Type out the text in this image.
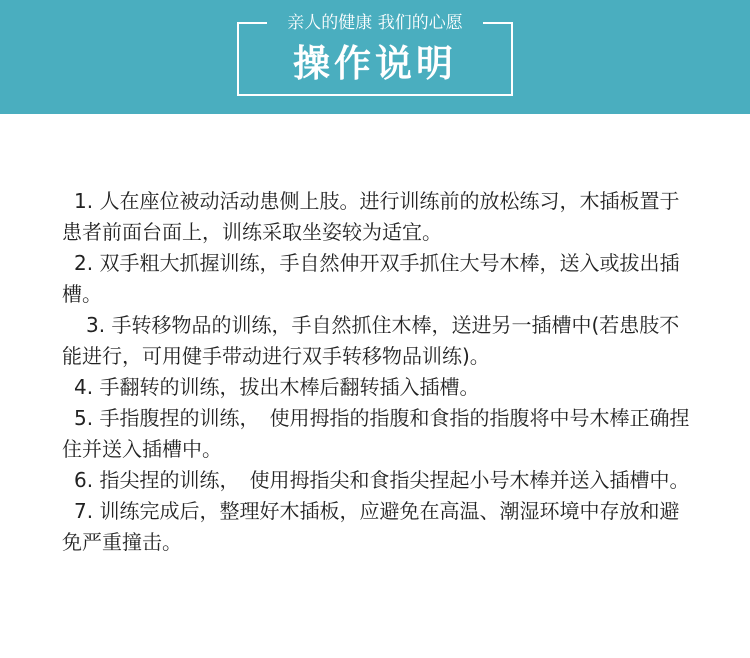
亲人的健康 我们的心愿
操作说明
1. 人在座位被动活动患侧上肢。进行训练前的放松练习，木插板置于患者前面台面上，训练采取坐姿较为适宜。
2. 双手粗大抓握训练，手自然伸开双手抓住大号木棒，送入或拔出插槽。
3. 手转移物品的训练，手自然抓住木棒，送进另一插槽中(若患肢不能进行，可用健手带动进行双手转移物品训练)。
4. 手翻转的训练，拔出木棒后翻转插入插槽。
5. 手指腹捏的训练，　使用拇指的指腹和食指的指腹将中号木棒正确捏住并送入插槽中。
6. 指尖捏的训练，　使用拇指尖和食指尖捏起小号木棒并送入插槽中。
7. 训练完成后，整理好木插板，应避免在高温、潮湿环境中存放和避免严重撞击。
